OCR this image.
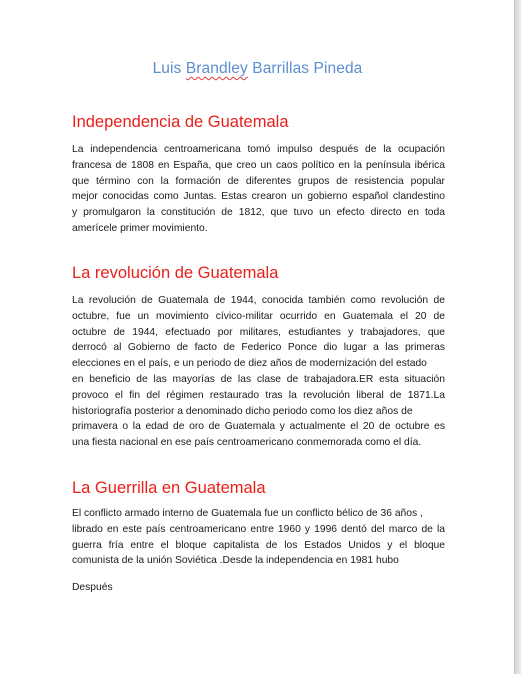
Luis Brandley Barrillas Pineda
Independencia de Guatemala
La independencia centroamericana tomó impulso después de la ocupación
francesa de 1808 en España, que creo un caos político en la península ibérica
que término con la formación de diferentes grupos de resistencia popular
mejor conocidas como Juntas. Estas crearon un gobierno español clandestino
y promulgaron la constitución de 1812, que tuvo un efecto directo en toda
amerícele primer movimiento.
La revolución de Guatemala
La revolución de Guatemala de 1944, conocida también como revolución de
octubre, fue un movimiento cívico-militar ocurrido en Guatemala el 20 de
octubre de 1944, efectuado por militares, estudiantes y trabajadores, que
derrocó al Gobierno de facto de Federico Ponce dio lugar a las primeras
elecciones en el país, e un periodo de diez años de modernización del estado
en beneficio de las mayorías de las clase de trabajadora.ER esta situación
provoco el fin del régimen restaurado tras la revolución liberal de 1871.La
historiografía posterior a denominado dicho periodo como los diez años de
primavera o la edad de oro de Guatemala y actualmente el 20 de octubre es
una fiesta nacional en ese país centroamericano conmemorada como el día.
La Guerrilla en Guatemala
El conflicto armado interno de Guatemala fue un conflicto bélico de 36 años ,
librado en este país centroamericano entre 1960 y 1996 dentó del marco de la
guerra fría entre el bloque capitalista de los Estados Unidos y el bloque
comunista de la unión Soviética .Desde la independencia en 1981 hubo
Después
